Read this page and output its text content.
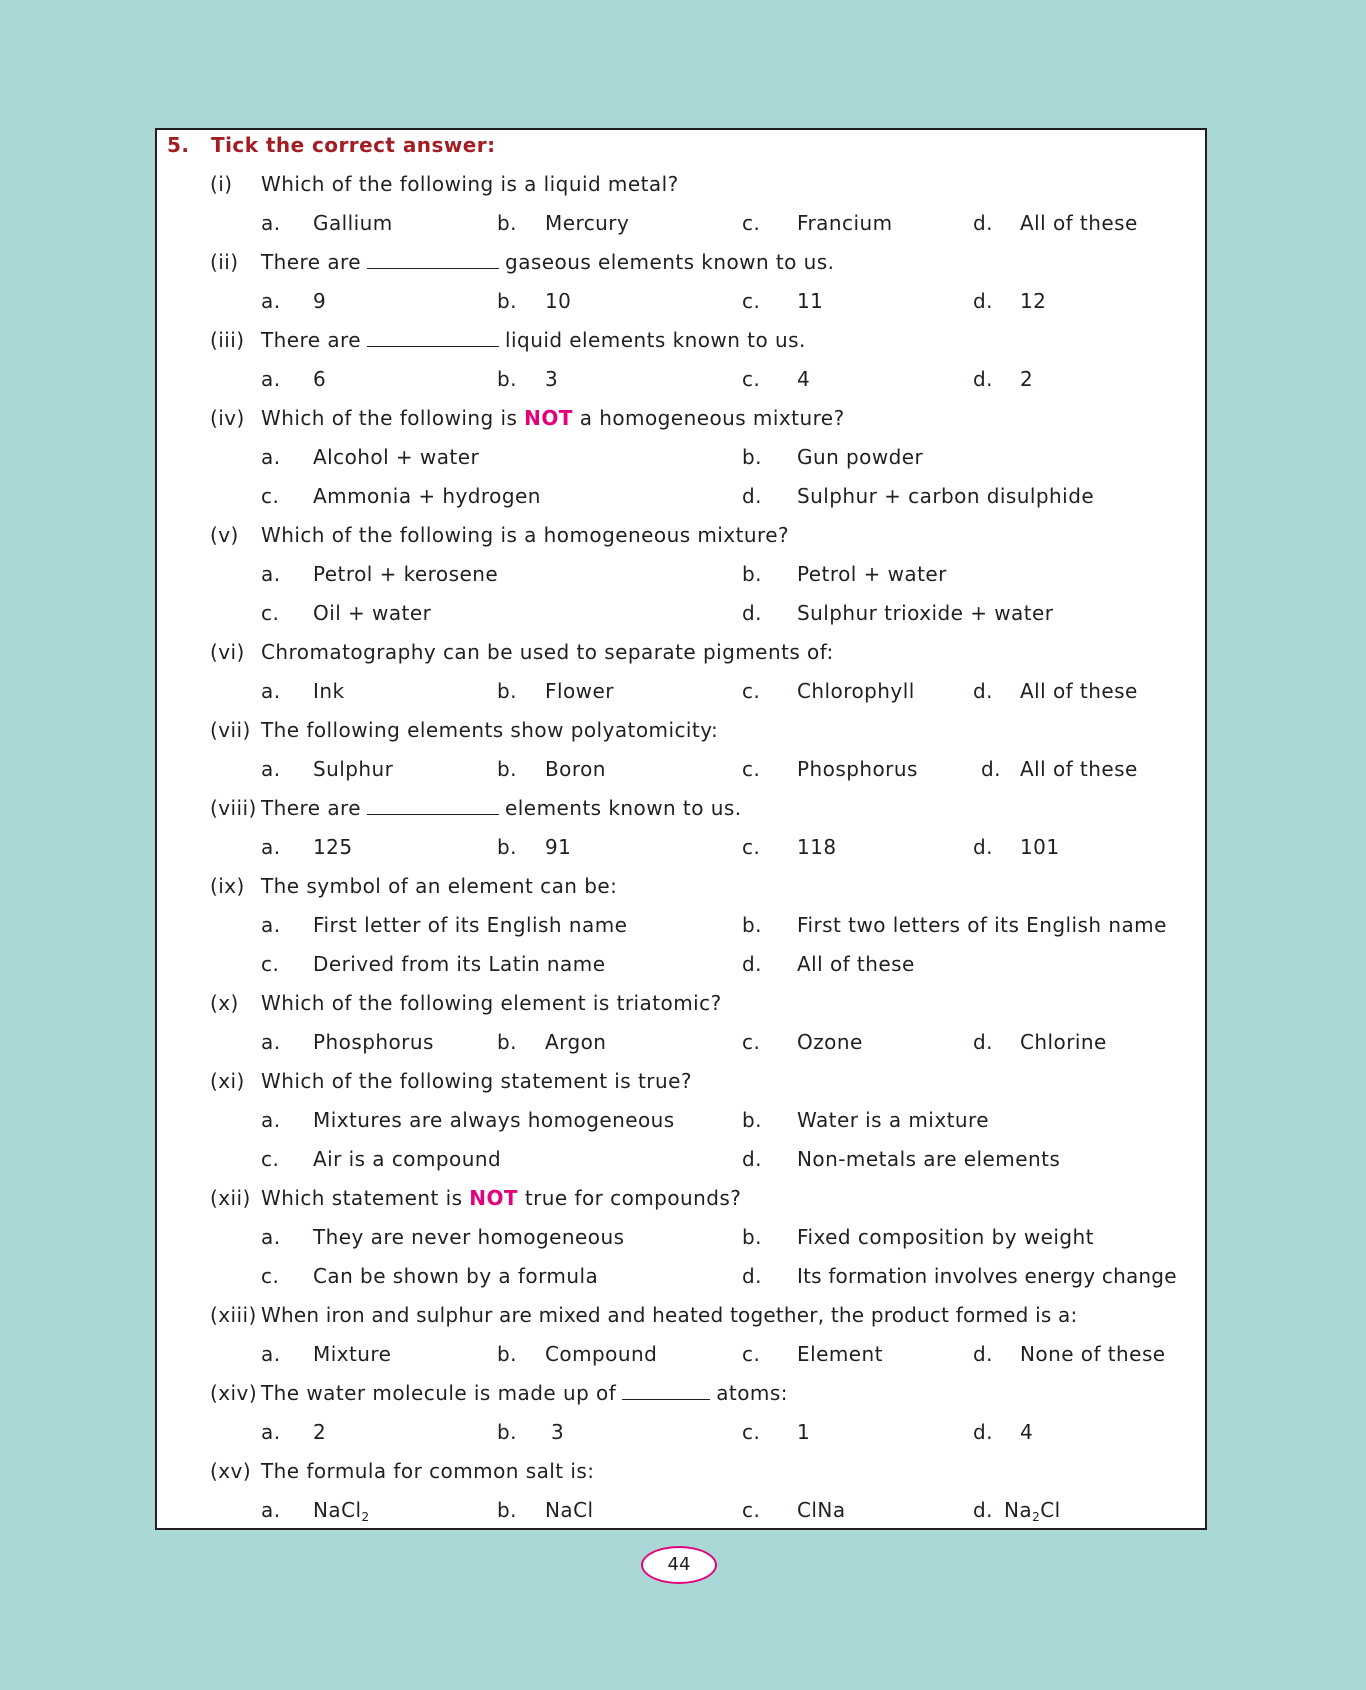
5. Tick the correct answer:
(i) Which of the following is a liquid metal?
a. Gallium	b. Mercury	c. Francium	d. All of these
(ii) There are	gaseous elements known to us.
a. 9	b. 10	c. 11	d. 12
(iii) There are	liquid elements known to us.
a. 6	b. 3	c. 4	d. 2
(iv) Which of the following is NOT a homogeneous mixture?
a. Alcohol + water	b. Gun powder
c. Ammonia + hydrogen	d. Sulphur + carbon disulphide
(v) Which of the following is a homogeneous mixture?
a. Petrol + kerosene	b. Petrol + water
c. Oil + water	d. Sulphur trioxide + water
(vi) Chromatography can be used to separate pigments of:
a. Ink	b. Flower	c. Chlorophyll	d. All of these
(vii) The following elements show polyatomicity:
a. Sulphur	b. Boron	c. Phosphorus	d. All of these
(viii) There are	elements known to us.
a. 125	b. 91	c. 118	d. 101
(ix) The symbol of an element can be:
a. First letter of its English name	b. First two letters of its English name
c. Derived from its Latin name	d. All of these
(x) Which of the following element is triatomic?
a. Phosphorus	b. Argon	c. Ozone	d. Chlorine
(xi) Which of the following statement is true?
a. Mixtures are always homogeneous	b. Water is a mixture
c. Air is a compound	d. Non-metals are elements
(xii) Which statement is NOT true for compounds?
a. They are never homogeneous	b. Fixed composition by weight
c. Can be shown by a formula	d. Its formation involves energy change
(xiii) When iron and sulphur are mixed and heated together, the product formed is a:
a. Mixture	b. Compound	c. Element	d. None of these
(xiv) The water molecule is made up of	atoms:
a. 2	b. 3	c. 1	d. 4
(xv) The formula for common salt is:
a. NaCl$_2$	b. NaCl	c. ClNa	d. $Na_2Cl$
44
